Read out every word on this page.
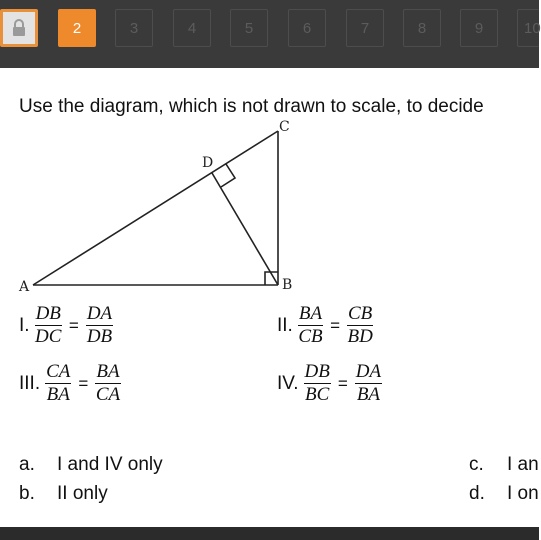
2	3	4	5	6	7	8	9	10
Use the diagram, which is not drawn to scale, to decide
A	B
C
D
I. $\frac{DB}{DC} = \frac{DA}{DB}$	II. $\frac{BA}{CB} = \frac{CB}{BD}$
III. $\frac{CA}{BA} = \frac{BA}{CA}$	IV. $\frac{DB}{BC} = \frac{DA}{BA}$
a. I and IV only
b. II only
c. I an
d. I on
